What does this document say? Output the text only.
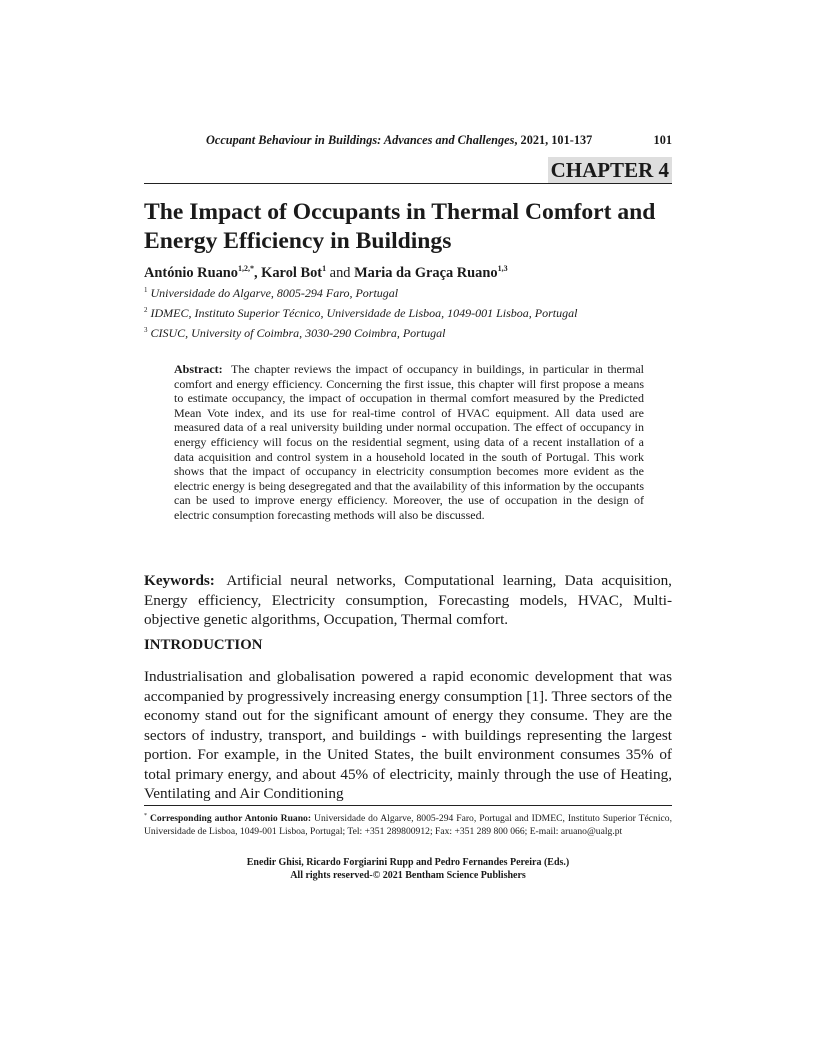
Occupant Behaviour in Buildings: Advances and Challenges, 2021, 101-137	101
CHAPTER 4
The Impact of Occupants in Thermal Comfort and Energy Efficiency in Buildings
António Ruano$^{1,2,*}$, Karol Bot$^1$ and Maria da Graça Ruano$^{1,3}$
$^1$ Universidade do Algarve, 8005-294 Faro, Portugal
$^2$ IDMEC, Instituto Superior Técnico, Universidade de Lisboa, 1049-001 Lisboa, Portugal
$^3$ CISUC, University of Coimbra, 3030-290 Coimbra, Portugal

Abstract: The chapter reviews the impact of occupancy in buildings, in particular in thermal comfort and energy efficiency. Concerning the first issue, this chapter will first propose a means to estimate occupancy, the impact of occupation in thermal comfort measured by the Predicted Mean Vote index, and its use for real-time control of HVAC equipment. All data used are measured data of a real university building under normal occupation. The effect of occupancy in energy efficiency will focus on the residential segment, using data of a recent installation of a data acquisition and control system in a household located in the south of Portugal. This work shows that the impact of occupancy in electricity consumption becomes more evident as the electric energy is being desegregated and that the availability of this information by the occupants can be used to improve energy efficiency. Moreover, the use of occupation in the design of electric consumption forecasting methods will also be discussed.

Keywords: Artificial neural networks, Computational learning, Data acquisition, Energy efficiency, Electricity consumption, Forecasting models, HVAC, Multi-objective genetic algorithms, Occupation, Thermal comfort.

INTRODUCTION

Industrialisation and globalisation powered a rapid economic development that was accompanied by progressively increasing energy consumption [1]. Three sectors of the economy stand out for the significant amount of energy they consume. They are the sectors of industry, transport, and buildings - with buildings representing the largest portion. For example, in the United States, the built environment consumes 35% of total primary energy, and about 45% of electricity, mainly through the use of Heating, Ventilating and Air Conditioning

* Corresponding author Antonio Ruano: Universidade do Algarve, 8005-294 Faro, Portugal and IDMEC, Instituto Superior Técnico, Universidade de Lisboa, 1049-001 Lisboa, Portugal; Tel: +351 289800912; Fax: +351 289 800 066; E-mail: aruano@ualg.pt

Enedir Ghisi, Ricardo Forgiarini Rupp and Pedro Fernandes Pereira (Eds.)
All rights reserved-© 2021 Bentham Science Publishers
